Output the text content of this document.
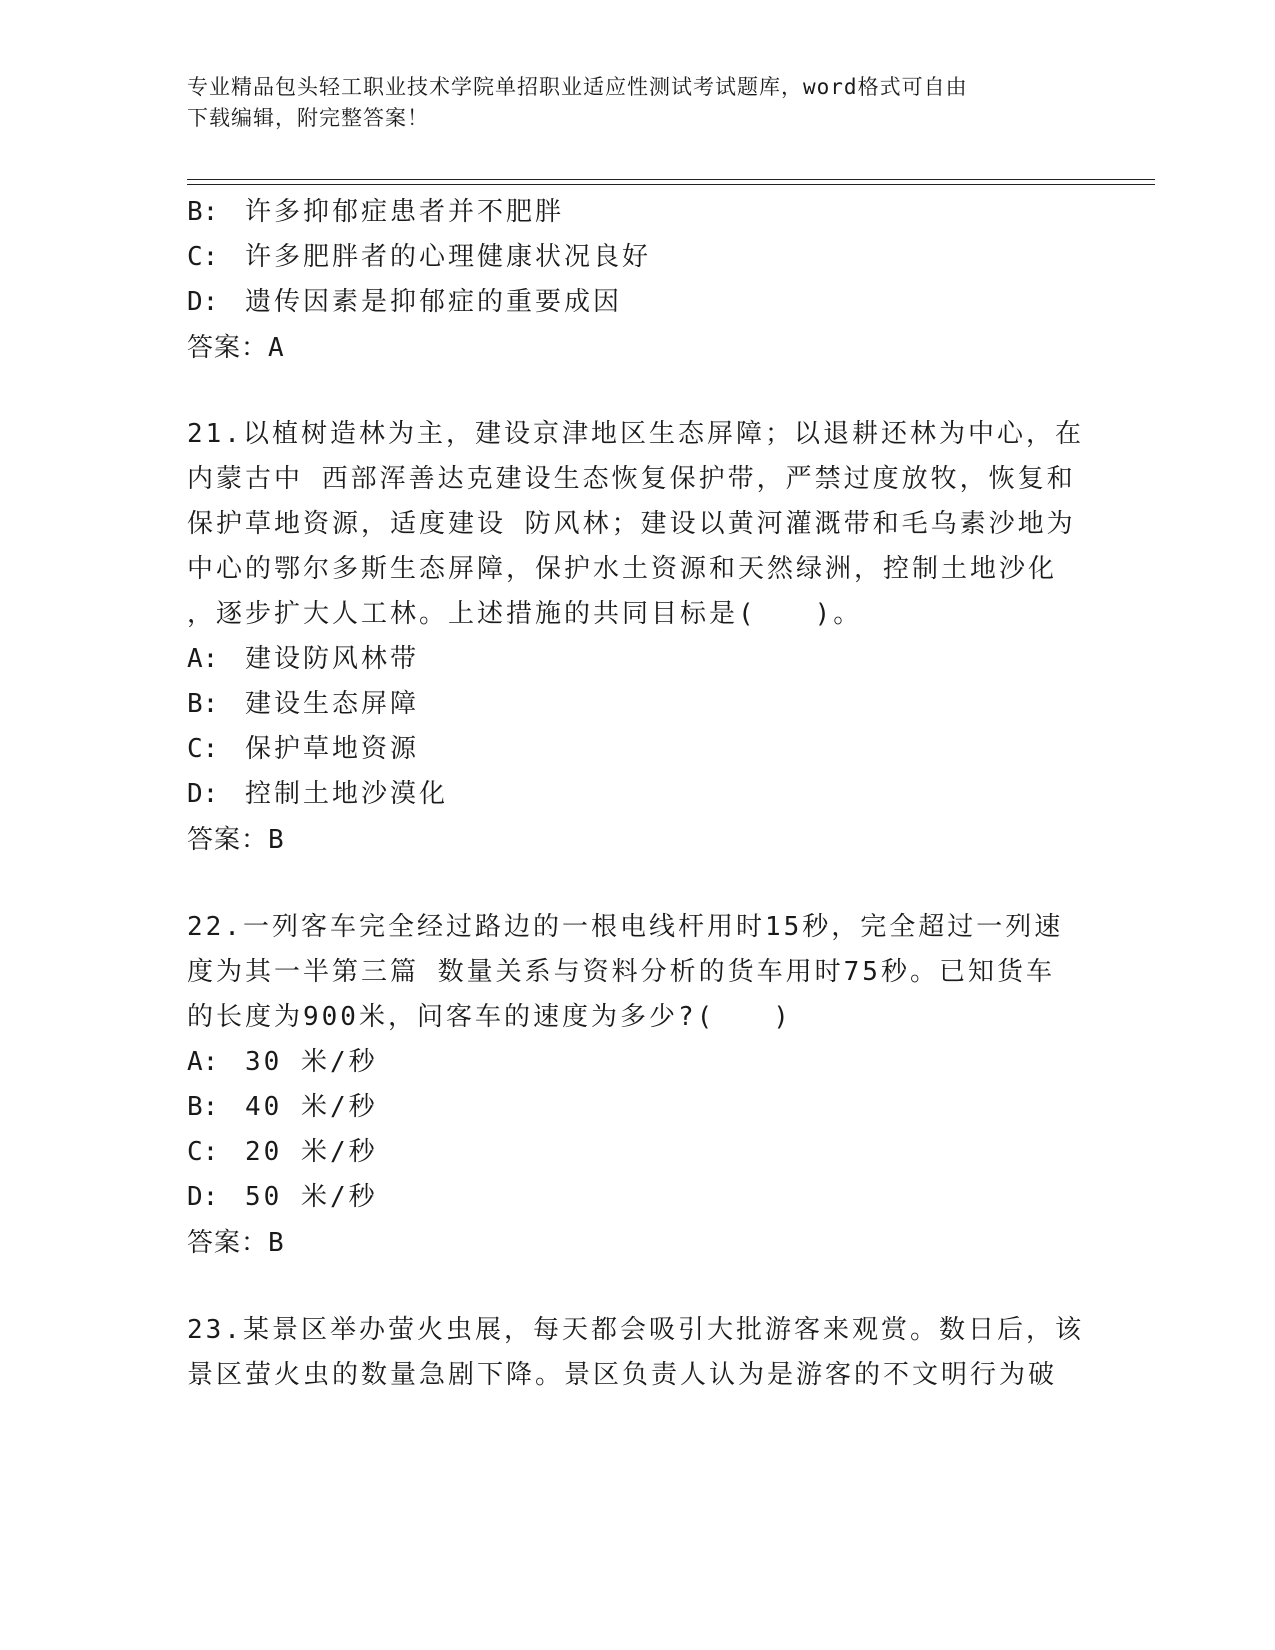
专业精品包头轻工职业技术学院单招职业适应性测试考试题库，word格式可自由
下载编辑，附完整答案！
B: 许多抑郁症患者并不肥胖
C: 许多肥胖者的心理健康状况良好
D: 遗传因素是抑郁症的重要成因
答案：A
21.以植树造林为主，建设京津地区生态屏障；以退耕还林为中心，在
内蒙古中 西部浑善达克建设生态恢复保护带，严禁过度放牧，恢复和
保护草地资源，适度建设 防风林；建设以黄河灌溉带和毛乌素沙地为
中心的鄂尔多斯生态屏障，保护水土资源和天然绿洲，控制土地沙化
，逐步扩大人工林。上述措施的共同目标是(　　)。
A: 建设防风林带
B: 建设生态屏障
C: 保护草地资源
D: 控制土地沙漠化
答案：B
22.一列客车完全经过路边的一根电线杆用时15秒，完全超过一列速
度为其一半第三篇 数量关系与资料分析的货车用时75秒。已知货车
的长度为900米，问客车的速度为多少?(　　)
A: 30 米/秒
B: 40 米/秒
C: 20 米/秒
D: 50 米/秒
答案：B
23.某景区举办萤火虫展，每天都会吸引大批游客来观赏。数日后，该
景区萤火虫的数量急剧下降。景区负责人认为是游客的不文明行为破
